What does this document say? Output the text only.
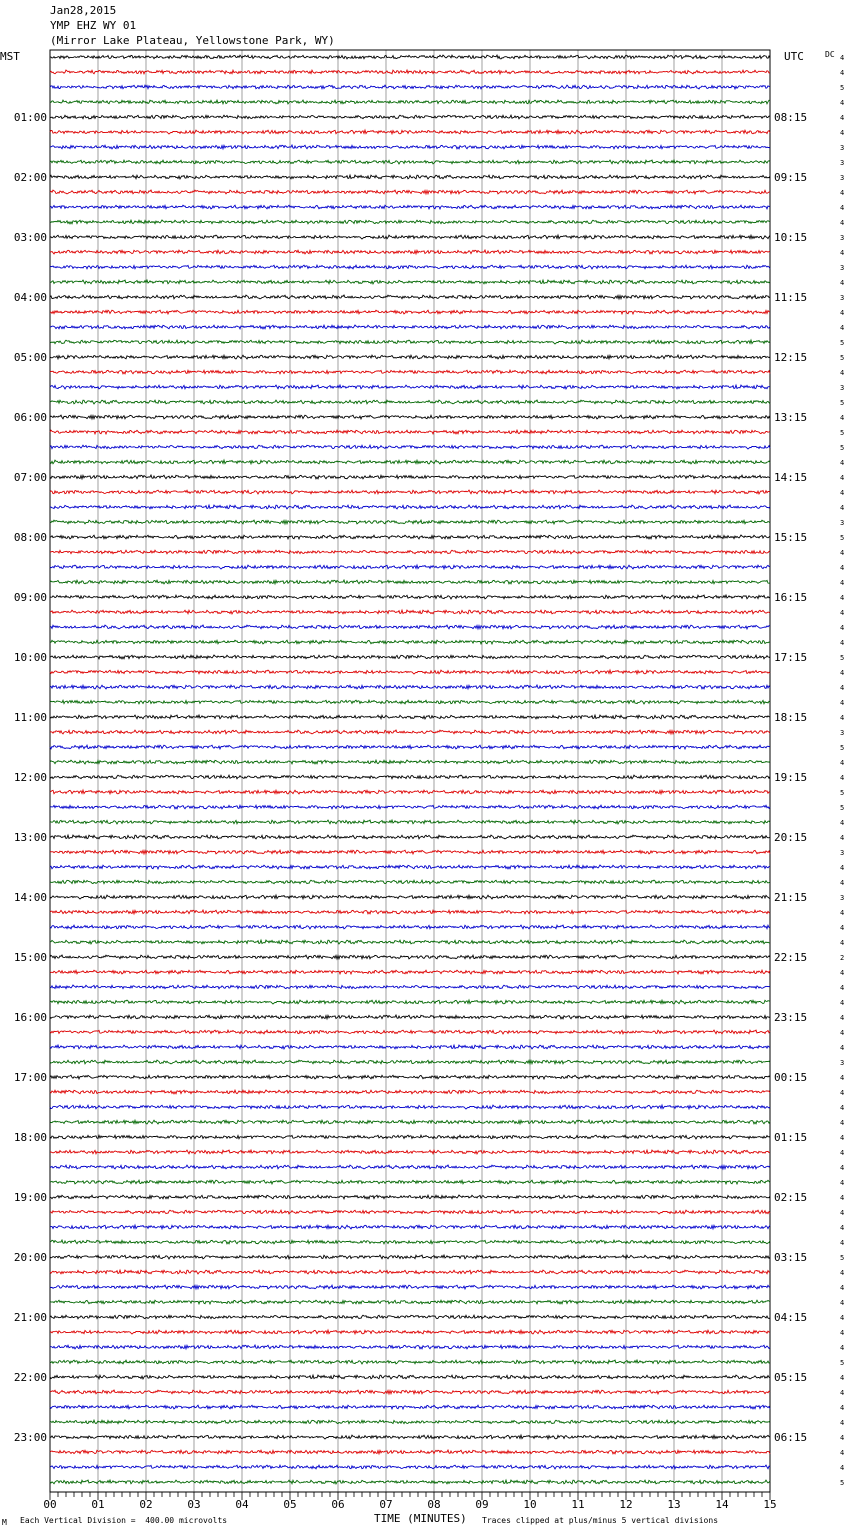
01:00
02:00
03:00
04:00
05:00
06:00
07:00
08:00
09:00
10:00
11:00
12:00
13:00
14:00
15:00
16:00
17:00
18:00
19:00
20:00
21:00
22:00
23:00
08:15
09:15
10:15
11:15
12:15
13:15
14:15
15:15
16:15
17:15
18:15
19:15
20:15
21:15
22:15
23:15
00:15
01:15
02:15
03:15
04:15
05:15
06:15
4
4
5
4
4
4
3
3
3
4
4
4
3
4
3
4
3
4
4
5
5
4
3
5
4
5
5
4
4
4
4
3
5
4
4
4
4
4
4
4
5
4
4
4
4
3
5
4
4
5
5
4
4
3
4
4
3
4
4
4
2
4
4
4
4
4
4
3
4
4
4
4
4
4
4
4
4
4
4
4
5
4
4
4
4
4
4
5
4
4
4
4
4
4
4
5
00	01	02	03	04	05	06	07	08	09	10	11	12	13	14	15
Jan28,2015
YMP EHZ WY 01
(Mirror Lake Plateau, Yellowstone Park, WY)
MST	UTC	DC
M Each Vertical Division =  400.00 microvolts	TIME (MINUTES) Traces clipped at plus/minus 5 vertical divisions
